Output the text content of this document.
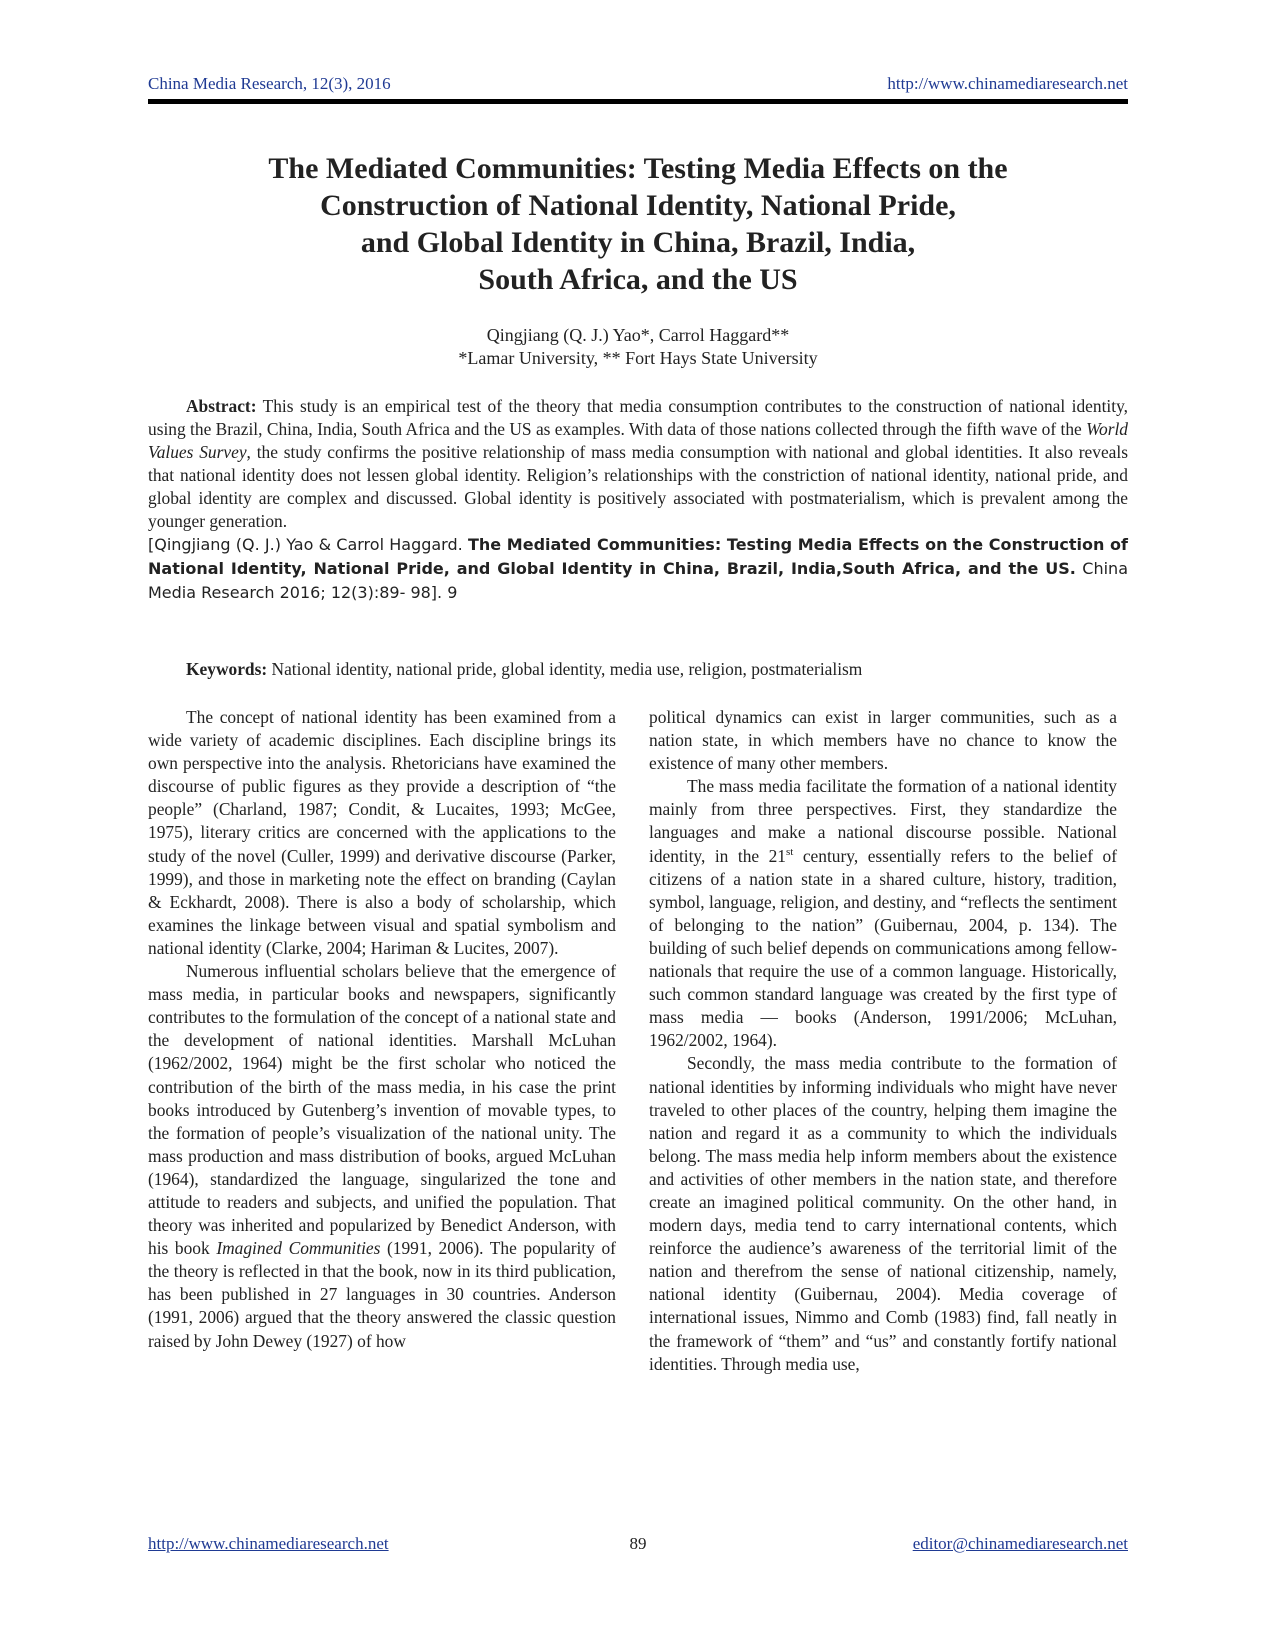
China Media Research, 12(3), 2016	http://www.chinamediaresearch.net
The Mediated Communities: Testing Media Effects on the
Construction of National Identity, National Pride,
and Global Identity in China, Brazil, India,
South Africa, and the US
Qingjiang (Q. J.) Yao*, Carrol Haggard**
*Lamar University, ** Fort Hays State University
Abstract: This study is an empirical test of the theory that media consumption contributes to the construction of national identity, using the Brazil, China, India, South Africa and the US as examples. With data of those nations collected through the fifth wave of the World Values Survey, the study confirms the positive relationship of mass media consumption with national and global identities. It also reveals that national identity does not lessen global identity. Religion’s relationships with the constriction of national identity, national pride, and global identity are complex and discussed. Global identity is positively associated with postmaterialism, which is prevalent among the younger generation.
[Qingjiang (Q. J.) Yao & Carrol Haggard. The Mediated Communities: Testing Media Effects on the Construction of National Identity, National Pride, and Global Identity in China, Brazil, India,South Africa, and the US. China Media Research 2016; 12(3):89- 98]. 9
Keywords: National identity, national pride, global identity, media use, religion, postmaterialism

The concept of national identity has been examined from a wide variety of academic disciplines. Each discipline brings its own perspective into the analysis. Rhetoricians have examined the discourse of public figures as they provide a description of “the people” (Charland, 1987; Condit, & Lucaites, 1993; McGee, 1975), literary critics are concerned with the applications to the study of the novel (Culler, 1999) and derivative discourse (Parker, 1999), and those in marketing note the effect on branding (Caylan & Eckhardt, 2008). There is also a body of scholarship, which examines the linkage between visual and spatial symbolism and national identity (Clarke, 2004; Hariman & Lucites, 2007).

Numerous influential scholars believe that the emergence of mass media, in particular books and newspapers, significantly contributes to the formulation of the concept of a national state and the development of national identities. Marshall McLuhan (1962/2002, 1964) might be the first scholar who noticed the contribution of the birth of the mass media, in his case the print books introduced by Gutenberg’s invention of movable types, to the formation of people’s visualization of the national unity. The mass production and mass distribution of books, argued McLuhan (1964), standardized the language, singularized the tone and attitude to readers and subjects, and unified the population. That theory was inherited and popularized by Benedict Anderson, with his book Imagined Communities (1991, 2006). The popularity of the theory is reflected in that the book, now in its third publication, has been published in 27 languages in 30 countries. Anderson (1991, 2006) argued that the theory answered the classic question raised by John Dewey (1927) of how

political dynamics can exist in larger communities, such as a nation state, in which members have no chance to know the existence of many other members.

The mass media facilitate the formation of a national identity mainly from three perspectives. First, they standardize the languages and make a national discourse possible. National identity, in the 21st century, essentially refers to the belief of citizens of a nation state in a shared culture, history, tradition, symbol, language, religion, and destiny, and “reflects the sentiment of belonging to the nation” (Guibernau, 2004, p. 134). The building of such belief depends on communications among fellow-nationals that require the use of a common language. Historically, such common standard language was created by the first type of mass media — books (Anderson, 1991/2006; McLuhan, 1962/2002, 1964).

Secondly, the mass media contribute to the formation of national identities by informing individuals who might have never traveled to other places of the country, helping them imagine the nation and regard it as a community to which the individuals belong. The mass media help inform members about the existence and activities of other members in the nation state, and therefore create an imagined political community. On the other hand, in modern days, media tend to carry international contents, which reinforce the audience’s awareness of the territorial limit of the nation and therefrom the sense of national citizenship, namely, national identity (Guibernau, 2004). Media coverage of international issues, Nimmo and Comb (1983) find, fall neatly in the framework of “them” and “us” and constantly fortify national identities. Through media use,

http://www.chinamediaresearch.net	89	editor@chinamediaresearch.net
